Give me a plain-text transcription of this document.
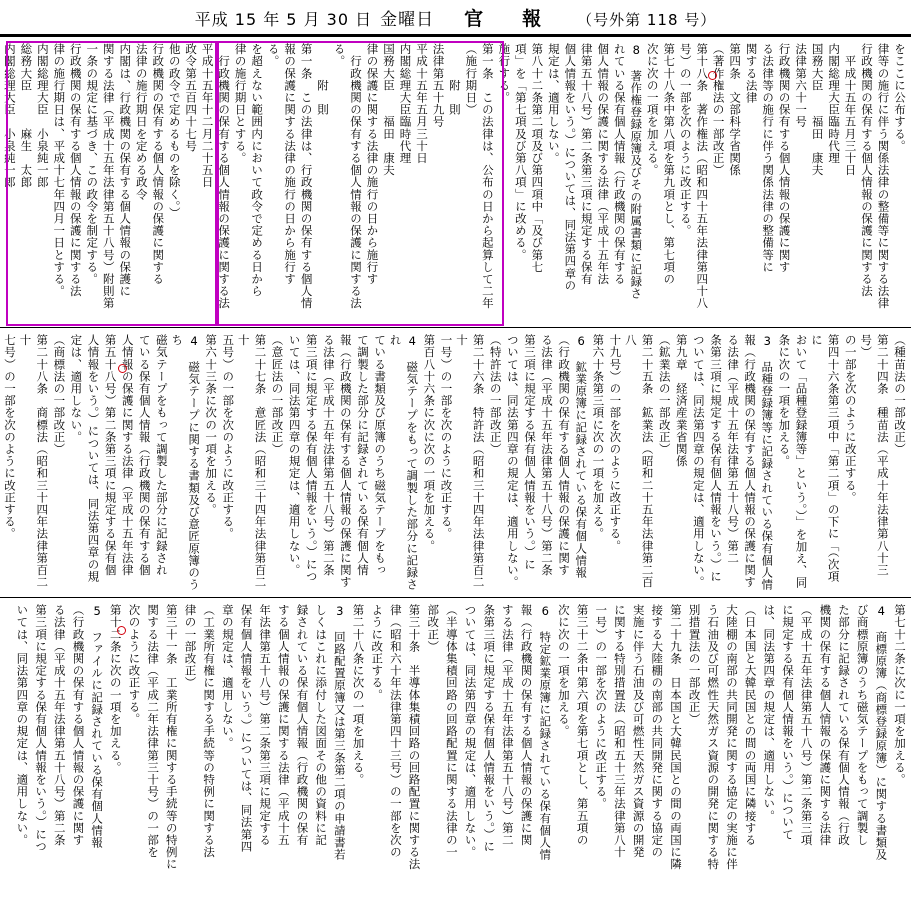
平成 15 年 5 月 30 日 金曜日 官　報 （号外第 118 号）
をここに公布する。
律等の施行に伴う関係法律の整備等に関する法律
行政機関の保有する個人情報の保護に関する法
　平成十五年五月三十日
内閣総理大臣臨時代理
国務大臣　　福田　康夫
法律第六十一号
行政機関の保有する個人情報の保護に関す
る法律等の施行に伴う関係法律の整備等に
関する法律
第四条　文部科学省関係
（著作権法の一部改正）
第十八条　著作権法（昭和四十五年法律第四十八
号）の一部を次のように改正する。
第七十八条中第八項を第九項とし、第七項の
次に次の一項を加える。
8　著作権登録原簿及びその附属書類に記録さ
れている保有個人情報（行政機関の保有する
個人情報の保護に関する法律（平成十五年法
律第五十八号）第二条第三項に規定する保有
個人情報をいう。）については、同法第四章の
規定は、適用しない。
第八十二条第二項及び第四項中「及び第七
項」を「第七項及び第八項」に改める。
施行する。
第一条　この法律は、公布の日から起算して二年
（施行期日）
　　　附　則
法律第五十九号
平成十五年五月三十日
内閣総理大臣臨時代理
国務大臣　　福田　康夫
律の保護に関する法律の施行の日から施行す
　行政機関の保有する個人情報の保護に関する法
る。
　　　附　則
第一条　この法律は、行政機関の保有する個人情
報の保護に関する法律の施行の日から施行す
る。
を超えない範囲内において政令で定める日から
律の施行期日とする。
　行政機関の保有する個人情報の保護に関する法
平成十五年十二月二十五日
政令第五百四十七号
他の政令で定めるものを除く。）
行政機関の保有する個人情報の保護に関する
法律の施行期日を定める政令
内閣は、行政機関の保有する個人情報の保護に
関する法律（平成十五年法律第五十八号）附則第
一条の規定に基づき、この政令を制定する。
行政機関の保有する個人情報の保護に関する法
律の施行期日は、平成十七年四月一日とする。
内閣総理大臣　小泉純一郎
総務大臣　　　麻生　太郎
内閣総理大臣　小泉純一郎
（種苗法の一部改正）
第二十四条　種苗法（平成十年法律第八十三号）
の一部を次のように改正する。
第四十六条第三項中「第二項」の下に「（次項に
おいて「品種登録簿等」という。）」を加え、同
条に次の一項を加える。
3　品種登録簿等に記録されている保有個人情
報（行政機関の保有する個人情報の保護に関す
る法律（平成十五年法律第五十八号）第二
条第三項に規定する保有個人情報をいう。）に
ついては、同法第四章の規定は、適用しない。
第九章　経済産業省関係
（鉱業法の一部改正）
第二十五条　鉱業法（昭和二十五年法律第二百八
十九号）の一部を次のように改正する。
第六十条第三項に次の一項を加える。
6　鉱業原簿に記録されている保有個人情報
（行政機関の保有する個人情報の保護に関す
る法律（平成十五年法律第五十八号）第二条
第三項に規定する保有個人情報をいう。）に
ついては、同法第四章の規定は、適用しない。
（特許法の一部改正）
第二十六条　特許法（昭和三十四年法律第百二十
一号）の一部を次のように改正する。
第百八十六条に次に次の一項を加える。
4　磁気テープをもって調製した部分に記録され
ている書類及び原簿のうち磁気テープをもっ
て調製した部分に記録されている保有個人情
報（行政機関の保有する個人情報の保護に関す
る法律（平成十五年法律第五十八号）第二条
第三項に規定する保有個人情報をいう。）につ
いては、同法第四章の規定は、適用しない。
（意匠法の一部改正）
第二十七条　意匠法（昭和三十四年法律第百二十
五号）の一部を次のように改正する。
第六十三条に次の一項を加える。
4　磁気テープに関する書類及び意匠原簿のうち
磁気テープをもって調製した部分に記録され
ている保有個人情報（行政機関の保有する個
人情報の保護に関する法律（平成十五年法律
第五十八号）第二条第三項に規定する保有個
人情報をいう。）については、同法第四章の規
定は、適用しない。
（商標法の一部改正）
第二十八条　商標法（昭和三十四年法律第百二十
七号）の一部を次のように改正する。
第七十二条に次に一項を加える。
4　商標原簿（商標登録原簿）に関する書類及
び商標原簿のうち磁気テープをもって調製し
た部分に記録されている保有個人情報（行政
機関の保有する個人情報の保護に関する法律
（平成十五年法律第五十八号）第二条第三項
に規定する保有個人情報をいう。）について
は、同法第四章の規定は、適用しない。
（日本国と大韓民国との間の両国に隣接する
大陸棚の南部の共同開発に関する協定の実施に伴
う石油及び可燃性天然ガス資源の開発に関する特
別措置法の一部改正）
第二十九条　日本国と大韓民国との間の両国に隣
接する大陸棚の南部の共同開発に関する協定の
実施に伴う石油及び可燃性天然ガス資源の開発
に関する特別措置法（昭和五十三年法律第八十
一号）の一部を次のように改正する。
第三十二条中第六項を第七項とし、第五項の
次に次の一項を加える。
6　特定鉱業原簿に記録されている保有個人情
報（行政機関の保有する個人情報の保護に関
する法律（平成十五年法律第五十八号）第二
条第三項に規定する保有個人情報をいう。）に
ついては、同法第四章の規定は、適用しない。
（半導体集積回路の回路配置に関する法律の一
部改正）
第三十条　半導体集積回路の回路配置に関する法
律（昭和六十年法律第四十三号）の一部を次の
ように改正する。
第二十八条に次の一項を加える。
3　回路配置原簿又は第三条第二項の申請書若
しくはこれに添付した図面その他の資料に記
録されている保有個人情報（行政機関の保有
する個人情報の保護に関する法律（平成十五
年法律第五十八号）第二条第三項に規定する
保有個人情報をいう。）については、同法第四
章の規定は、適用しない。
（工業所有権に関する手続等の特例に関する法
律の一部改正）
第三十一条　工業所有権に関する手続等の特例に
関する法律（平成二年法律第三十号）の一部を
次のように改正する。
第十二条に次の一項を加える。
5　ファイルに記録されている保有個人情報
（行政機関の保有する個人情報の保護に関す
る法律（平成十五年法律第五十八号）第二条
第三項に規定する保有個人情報をいう。）につ
いては、同法第四章の規定は、適用しない。
